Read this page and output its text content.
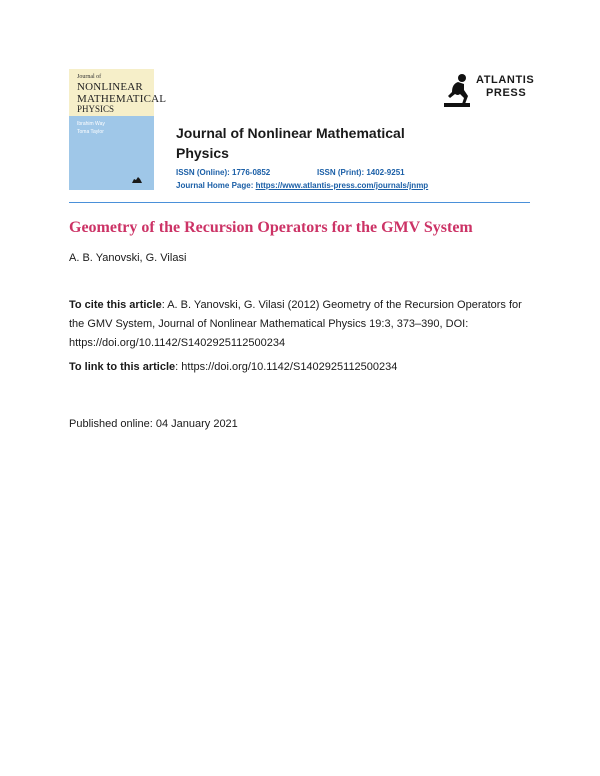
Journal of
NONLINEAR
MATHEMATICAL
PHYSICS
Ibrahim Way
Toma Taylor
ATLANTIS
PRESS
Journal of Nonlinear Mathematical Physics
ISSN (Online): 1776-0852	ISSN (Print): 1402-9251
Journal Home Page: https://www.atlantis-press.com/journals/jnmp
Geometry of the Recursion Operators for the GMV System
A. B. Yanovski, G. Vilasi
To cite this article: A. B. Yanovski, G. Vilasi (2012) Geometry of the Recursion Operators for the GMV System, Journal of Nonlinear Mathematical Physics 19:3, 373–390, DOI: https://doi.org/10.1142/S1402925112500234
To link to this article: https://doi.org/10.1142/S1402925112500234
Published online: 04 January 2021
